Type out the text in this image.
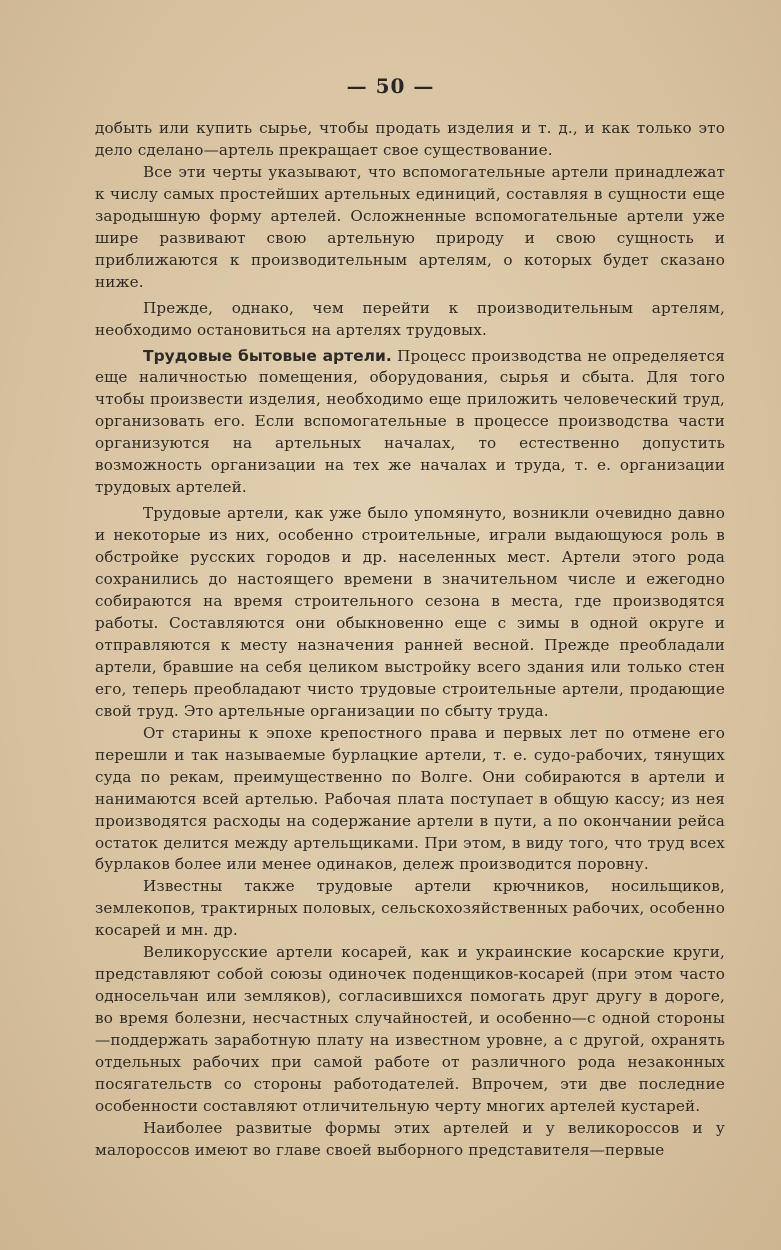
— 50 —

добыть или купить сырье, чтобы продать изделия и т. д., и как только это дело сделано—артель прекращает свое существование.

Все эти черты указывают, что вспомогательные артели принадлежат к числу самых простейших артельных единиций, составляя в сущности еще зародышную форму артелей. Осложненные вспомогательные артели уже шире развивают свою артельную природу и свою сущность и приближаются к производительным артелям, о которых будет сказано ниже.

Прежде, однако, чем перейти к производительным артелям, необходимо остановиться на артелях трудовых.

Трудовые бытовые артели. Процесс производства не определяется еще наличностью помещения, оборудования, сырья и сбыта. Для того чтобы произвести изделия, необходимо еще приложить человеческий труд, организовать его. Если вспомогательные в процессе производства части организуются на артельных началах, то естественно допустить возможность организации на тех же началах и труда, т. е. организации трудовых артелей.

Трудовые артели, как уже было упомянуто, возникли очевидно давно и некоторые из них, особенно строительные, играли выдающуюся роль в обстройке русских городов и др. населенных мест. Артели этого рода сохранились до настоящего времени в значительном числе и ежегодно собираются на время строительного сезона в места, где производятся работы. Составляются они обыкновенно еще с зимы в одной округе и отправляются к месту назначения ранней весной. Прежде преобладали артели, бравшие на себя целиком выстройку всего здания или только стен его, теперь преобладают чисто трудовые строительные артели, продающие свой труд. Это артельные организации по сбыту труда.

От старины к эпохе крепостного права и первых лет по отмене его перешли и так называемые бурлацкие артели, т. е. судо-рабочих, тянущих суда по рекам, преимущественно по Волге. Они собираются в артели и нанимаются всей артелью. Рабочая плата поступает в общую кассу; из нея производятся расходы на содержание артели в пути, а по окончании рейса остаток делится между артельщиками. При этом, в виду того, что труд всех бурлаков более или менее одинаков, дележ производится поровну.

Известны также трудовые артели крючников, носильщиков, землекопов, трактирных половых, сельскохозяйственных рабочих, особенно косарей и мн. др.

Великорусские артели косарей, как и украинские косарские круги, представляют собой союзы одиночек поденщиков-косарей (при этом часто односельчан или земляков), согласившихся помогать друг другу в дороге, во время болезни, несчастных случайностей, и особенно—с одной стороны—поддержать заработную плату на известном уровне, а с другой, охранять отдельных рабочих при самой работе от различного рода незаконных посягательств со стороны работодателей. Впрочем, эти две последние особенности составляют отличительную черту многих артелей кустарей.

Наиболее развитые формы этих артелей и у великороссов и у малороссов имеют во главе своей выборного представителя—первые
